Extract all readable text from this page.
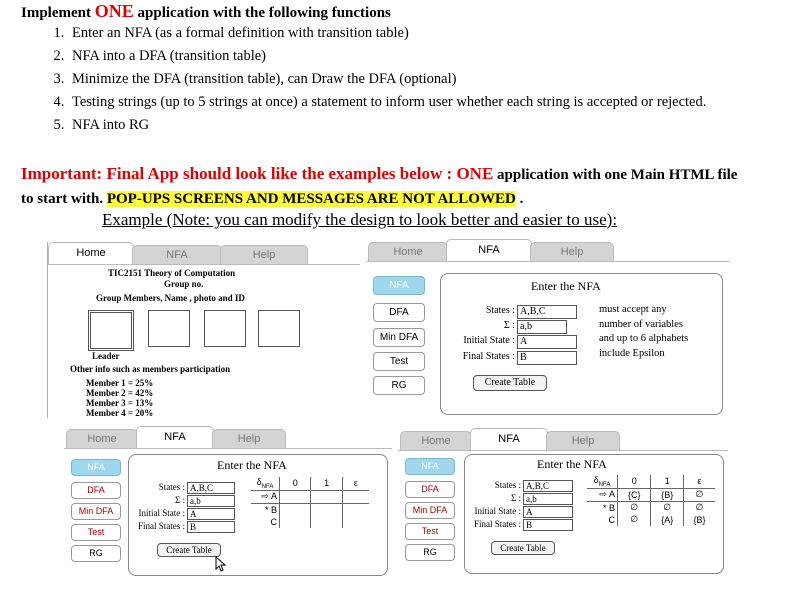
Implement ONE application with the following functions
1. Enter an NFA (as a formal definition with transition table)
2. NFA into a DFA (transition table)
3. Minimize the DFA (transition table), can Draw the DFA (optional)
4. Testing strings (up to 5 strings at once) a statement to inform user whether each string is accepted or rejected.
5. NFA into RG
Important: Final App should look like the examples below : ONE application with one Main HTML file to start with. POP-UPS SCREENS AND MESSAGES ARE NOT ALLOWED .
Example (Note: you can modify the design to look better and easier to use):
Home	NFA	Help
TIC2151 Theory of Computation
Group no.
Group Members, Name , photo and ID
Leader
Other info such as members participation
Member 1 = 25%
Member 2 = 42%
Member 3 = 13%
Member 4 = 20%
Home	NFA	Help
NFA
DFA
Min DFA
Test
RG
Enter the NFA
States : A,B,C
Σ : a,b
Initial State : A
Final States : B
Create Table
must accept any
number of variables
and up to 6 alphabets
include Epsilon
Home	NFA	Help
NFA
DFA
Min DFA
Test
RG
Enter the NFA
States : A,B,C
Σ : a,b
Initial State : A
Final States : B
Create Table
$\delta_{NFA}$	0	1	ε
⇨ A			
* B			
C			
Home	NFA	Help
NFA
DFA
Min DFA
Test
RG
Enter the NFA
States : A,B,C
Σ : a,b
Initial State : A
Final States : B
Create Table
$\delta_{NFA}$	0	1	ε
⇨ A	{C}	{B}	∅
* B	∅	∅	∅
C	∅	{A}	{B}
